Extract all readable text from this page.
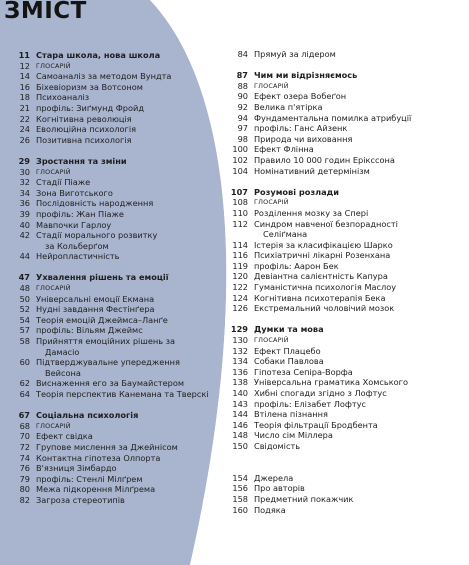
ЗМІСТ
11 Стара школа, нова школа
12 ГЛОСАРІЙ
14 Самоаналіз за методом Вундта
16 Біхевіоризм за Вотсоном
18 Психоаналіз
21 профіль: Зиґмунд Фройд
22 Когнітивна революція
24 Еволюційна психологія
26 Позитивна психологія
29 Зростання та зміни
30 ГЛОСАРІЙ
32 Стадії Піаже
34 Зона Виготського
36 Послідовність народження
39 профіль: Жан Піаже
40 Мавпочки Гарлоу
42 Стадії морального розвитку
за Кольберґом
44 Нейропластичність
47 Ухвалення рішень та емоції
48 ГЛОСАРІЙ
50 Універсальні емоції Екмана
52 Нудні завдання Фестінґера
54 Теорія емоцій Джеймса–Ланґе
57 профіль: Вільям Джеймс
58 Прийняття емоційних рішень за
Дамасіо
60 Підтверджувальне упередження
Вейсона
62 Виснаження его за Баумайстером
64 Теорія перспектив Канемана та Тверскі
67 Соціальна психологія
68 ГЛОСАРІЙ
70 Ефект свідка
72 Групове мислення за Джейнісом
74 Контактна гіпотеза Олпорта
76 В'язниця Зімбардо
79 профіль: Стенлі Мілґрем
80 Межа підкорення Мілґрема
82 Загроза стереотипів
84 Прямуй за лідером
87 Чим ми відрізняємось
88 ГЛОСАРІЙ
90 Ефект озера Вобеґон
92 Велика п'ятірка
94 Фундаментальна помилка атрибуції
97 профіль: Ганс Айзенк
98 Природа чи виховання
100 Ефект Флінна
102 Правило 10 000 годин Ерікссона
104 Номінативний детермінізм
107 Розумові розлади
108 ГЛОСАРІЙ
110 Розділення мозку за Спері
112 Синдром навченої безпорадності
Селіґмана
114 Істерія за класифікацією Шарко
116 Психіатричні лікарні Розенхана
119 профіль: Аарон Бек
120 Девіантна салієнтність Капура
122 Гуманістична психологія Маслоу
124 Когнітивна психотерапія Бека
126 Екстремальний чоловічий мозок
129 Думки та мова
130 ГЛОСАРІЙ
132 Ефект Плацебо
134 Собаки Павлова
136 Гіпотеза Сепіра-Ворфа
138 Універсальна граматика Хомського
140 Хибні спогади згідно з Лофтус
143 профіль: Елізабет Лофтус
144 Втілена пізнання
146 Теорія фільтрації Бродбента
148 Число сім Міллера
150 Свідомість
154 Джерела
156 Про авторів
158 Предметний покажчик
160 Подяка
